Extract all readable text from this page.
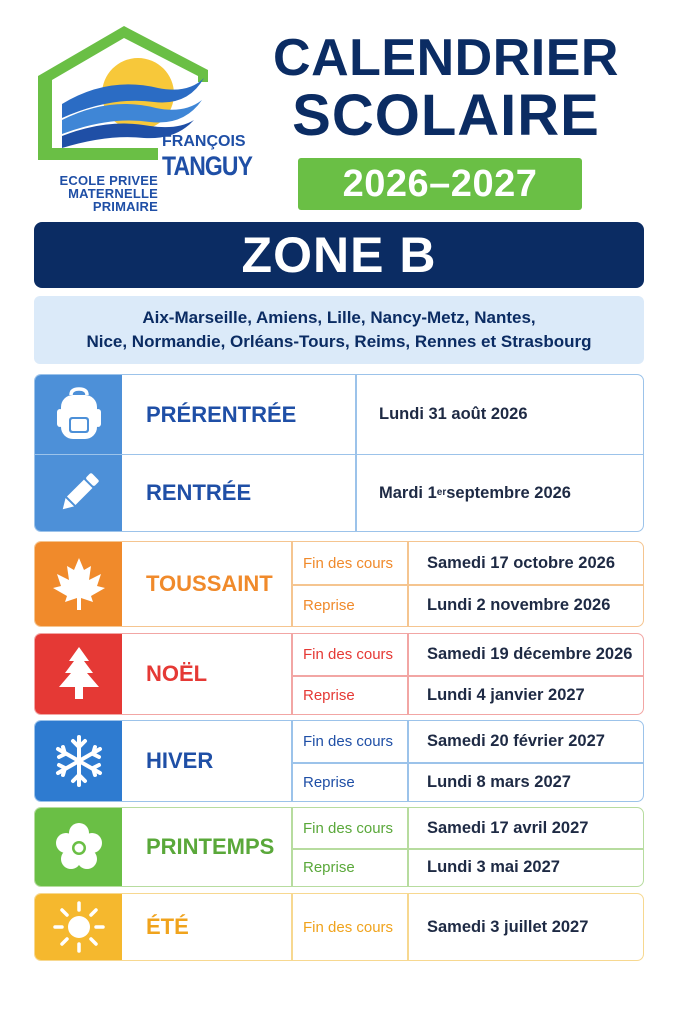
ECOLE PRIVEE
MATERNELLE
PRIMAIRE
FRANÇOIS
TANGUY
CALENDRIER
SCOLAIRE
2026–2027
ZONE B
Aix-Marseille, Amiens, Lille, Nancy-Metz, Nantes,
Nice, Normandie, Orléans-Tours, Reims, Rennes et Strasbourg
PRÉRENTRÉE	Lundi 31 août 2026
RENTRÉE	Mardi 1 er septembre 2026
TOUSSAINT
Fin des cours	Samedi 17 octobre 2026
Reprise	Lundi 2 novembre 2026
NOËL
Fin des cours	Samedi 19 décembre 2026
Reprise	Lundi 4 janvier 2027
HIVER
Fin des cours	Samedi 20 février 2027
Reprise	Lundi 8 mars 2027
PRINTEMPS
Fin des cours	Samedi 17 avril 2027
Reprise	Lundi 3 mai 2027
ÉTÉ	Fin des cours	Samedi 3 juillet 2027
